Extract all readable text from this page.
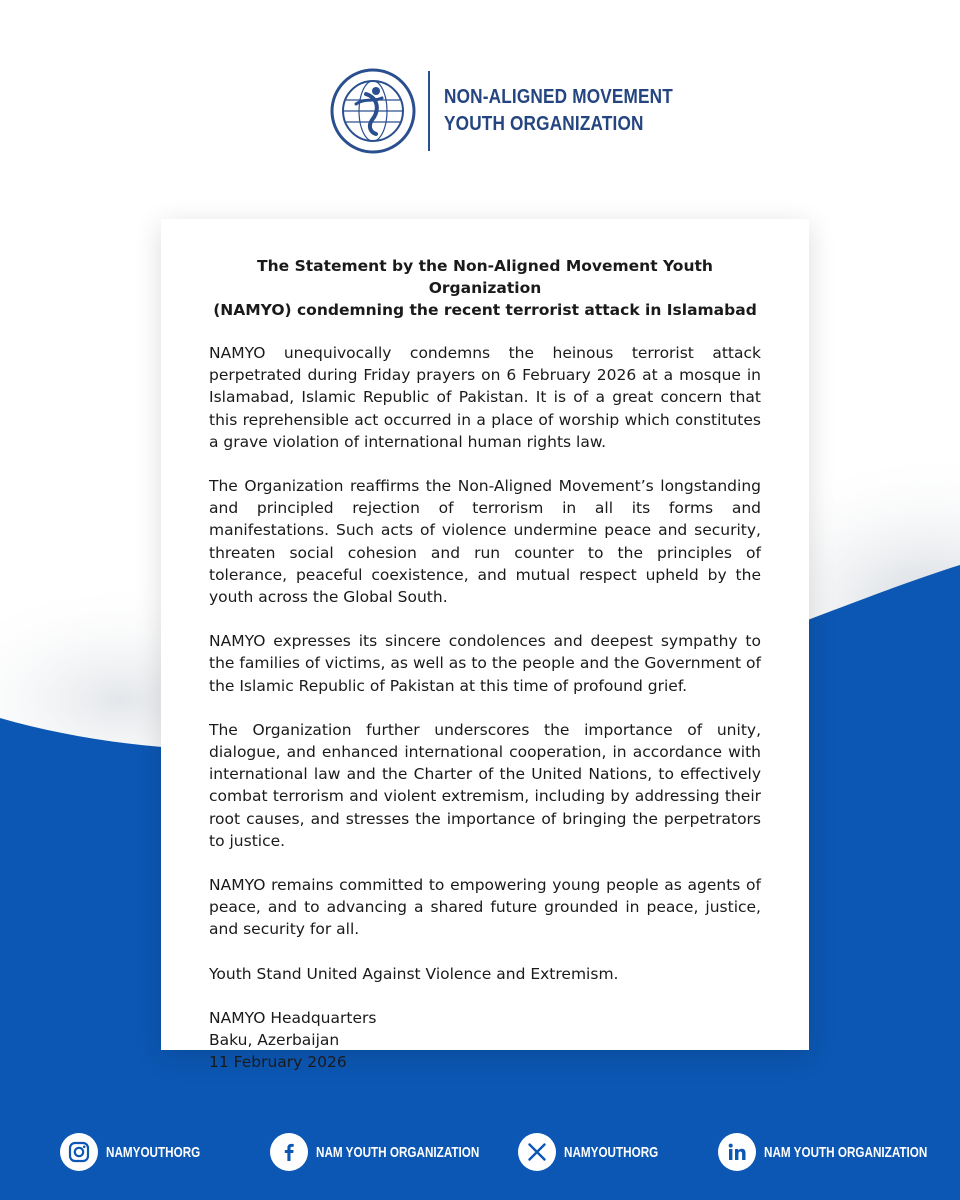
NON-ALIGNED MOVEMENT
YOUTH ORGANIZATION
The Statement by the Non-Aligned Movement Youth Organization
(NAMYO) condemning the recent terrorist attack in Islamabad

NAMYO unequivocally condemns the heinous terrorist attack perpetrated during Friday prayers on 6 February 2026 at a mosque in Islamabad, Islamic Republic of Pakistan. It is of a great concern that this reprehensible act occurred in a place of worship which constitutes a grave violation of international human rights law.

The Organization reaffirms the Non-Aligned Movement’s longstanding and principled rejection of terrorism in all its forms and manifestations. Such acts of violence undermine peace and security, threaten social cohesion and run counter to the principles of tolerance, peaceful coexistence, and mutual respect upheld by the youth across the Global South.

NAMYO expresses its sincere condolences and deepest sympathy to the families of victims, as well as to the people and the Government of the Islamic Republic of Pakistan at this time of profound grief.

The Organization further underscores the importance of unity, dialogue, and enhanced international cooperation, in accordance with international law and the Charter of the United Nations, to effectively combat terrorism and violent extremism, including by addressing their root causes, and stresses the importance of bringing the perpetrators to justice.

NAMYO remains committed to empowering young people as agents of peace, and to advancing a shared future grounded in peace, justice, and security for all.

Youth Stand United Against Violence and Extremism.

NAMYO Headquarters
Baku, Azerbaijan
11 February 2026
NAMYOUTHORG	NAM YOUTH ORGANIZATION	NAMYOUTHORG	NAM YOUTH ORGANIZATION
